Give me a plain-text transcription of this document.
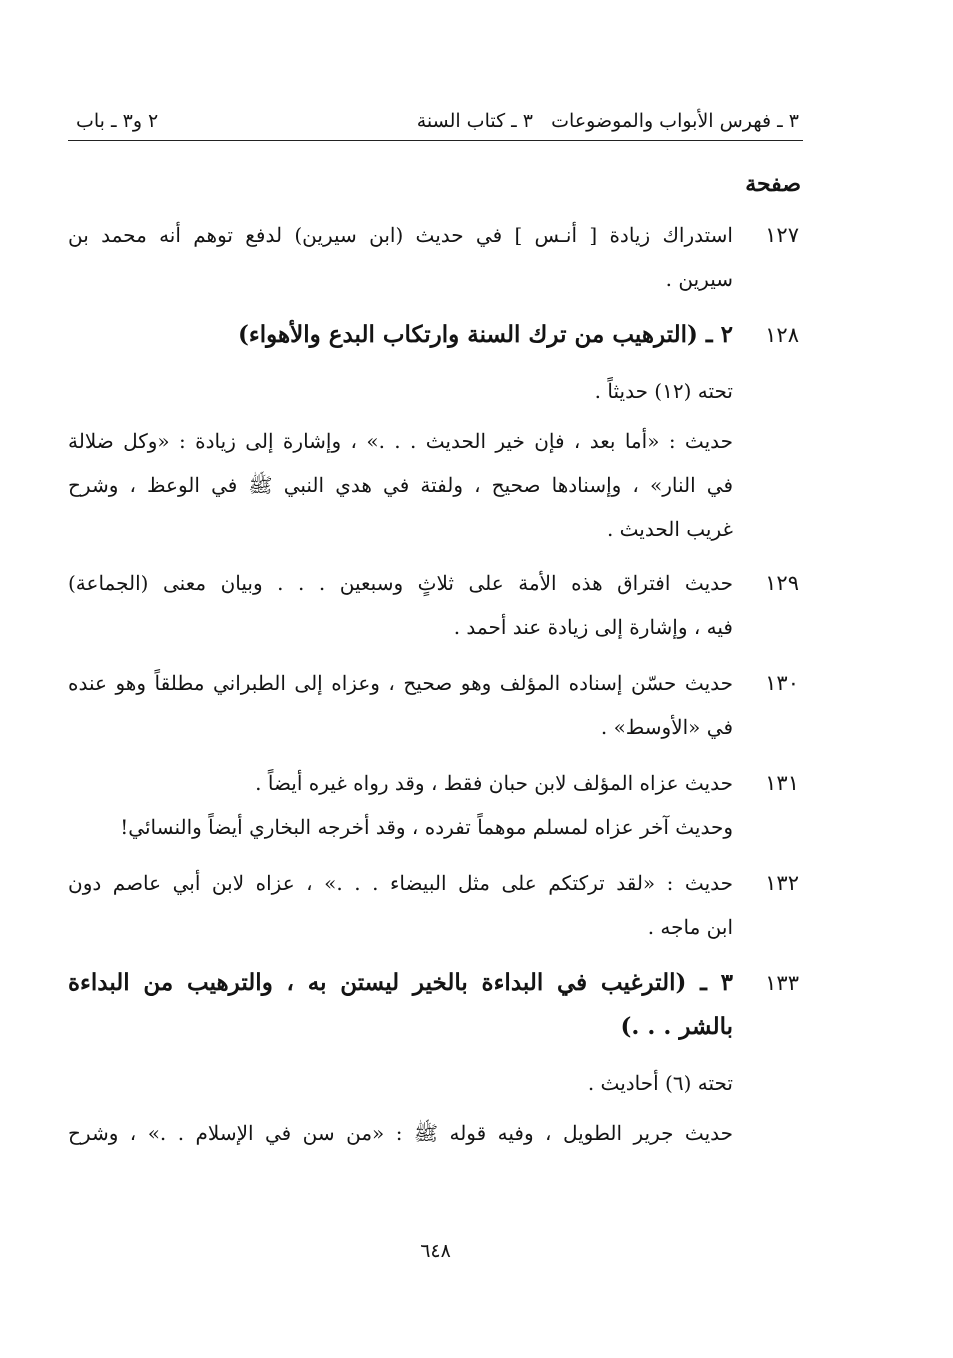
٣ ـ فهرس الأبواب والموضوعات
٣ ـ كتاب السنة
٢ و٣ ـ باب
صفحة
١٢٧
استدراك زيادة [ أنـس ] في حديث (ابن سيرين) لدفع توهم أنه محمد بن
سيرين .
١٢٨
٢ ـ (الترهيب من ترك السنة وارتكاب البدع والأهواء)
تحته (١٢) حديثاً .
حديث : «أما بعد ، فإن خير الحديث . . .» ، وإشارة إلى زيادة : «وكل ضلالة
في النار» ، وإسنادها صحيح ، ولفتة في هدي النبي ﷺ في الوعظ ، وشرح
غريب الحديث .
١٢٩
حديث افتراق هذه الأمة على ثلاثٍ وسبعين . . . وبيان معنى (الجماعة)
فيه ، وإشارة إلى زيادة عند أحمد .
١٣٠
حديث حسّن إسناده المؤلف وهو صحيح ، وعزاه إلى الطبراني مطلقاً وهو عنده
في «الأوسط» .
١٣١
حديث عزاه المؤلف لابن حبان فقط ، وقد رواه غيره أيضاً .
وحديث آخر عزاه لمسلم موهماً تفرده ، وقد أخرجه البخاري أيضاً والنسائي!
١٣٢
حديث : «لقد تركتكم على مثل البيضاء . . .» ، عزاه لابن أبي عاصم دون
ابن ماجه .
١٣٣
٣ ـ (الترغيب في البداءة بالخير ليستن به ، والترهيب من البداءة
بالشر . . .)
تحته (٦) أحاديث .
حديث جرير الطويل ، وفيه قوله ﷺ : «من سن في الإسلام . .» ، وشرح
٦٤٨
